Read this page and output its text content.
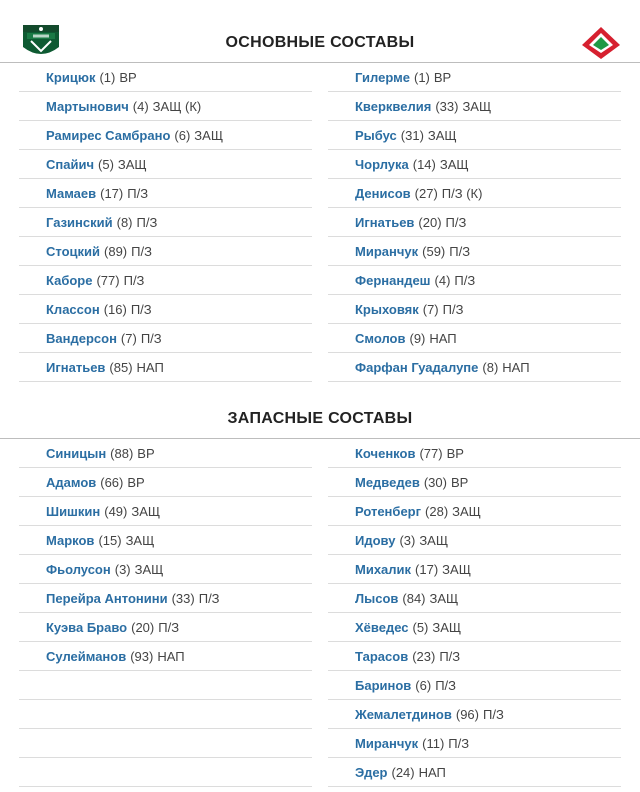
ОСНОВНЫЕ СОСТАВЫ
Крицюк (1) ВР
Мартынович (4) ЗАЩ (К)
Рамирес Самбрано (6) ЗАЩ
Спайич (5) ЗАЩ
Мамаев (17) П/З
Газинский (8) П/З
Стоцкий (89) П/З
Каборе (77) П/З
Классон (16) П/З
Вандерсон (7) П/З
Игнатьев (85) НАП
Гилерме (1) ВР
Кверквелия (33) ЗАЩ
Рыбус (31) ЗАЩ
Чорлука (14) ЗАЩ
Денисов (27) П/З (К)
Игнатьев (20) П/З
Миранчук (59) П/З
Фернандеш (4) П/З
Крыховяк (7) П/З
Смолов (9) НАП
Фарфан Гуадалупе (8) НАП
ЗАПАСНЫЕ СОСТАВЫ
Синицын (88) ВР
Адамов (66) ВР
Шишкин (49) ЗАЩ
Марков (15) ЗАЩ
Фьолусон (3) ЗАЩ
Перейра Антонини (33) П/З
Куэва Браво (20) П/З
Сулейманов (93) НАП
Коченков (77) ВР
Медведев (30) ВР
Ротенберг (28) ЗАЩ
Идову (3) ЗАЩ
Михалик (17) ЗАЩ
Лысов (84) ЗАЩ
Хёведес (5) ЗАЩ
Тарасов (23) П/З
Баринов (6) П/З
Жемалетдинов (96) П/З
Миранчук (11) П/З
Эдер (24) НАП
